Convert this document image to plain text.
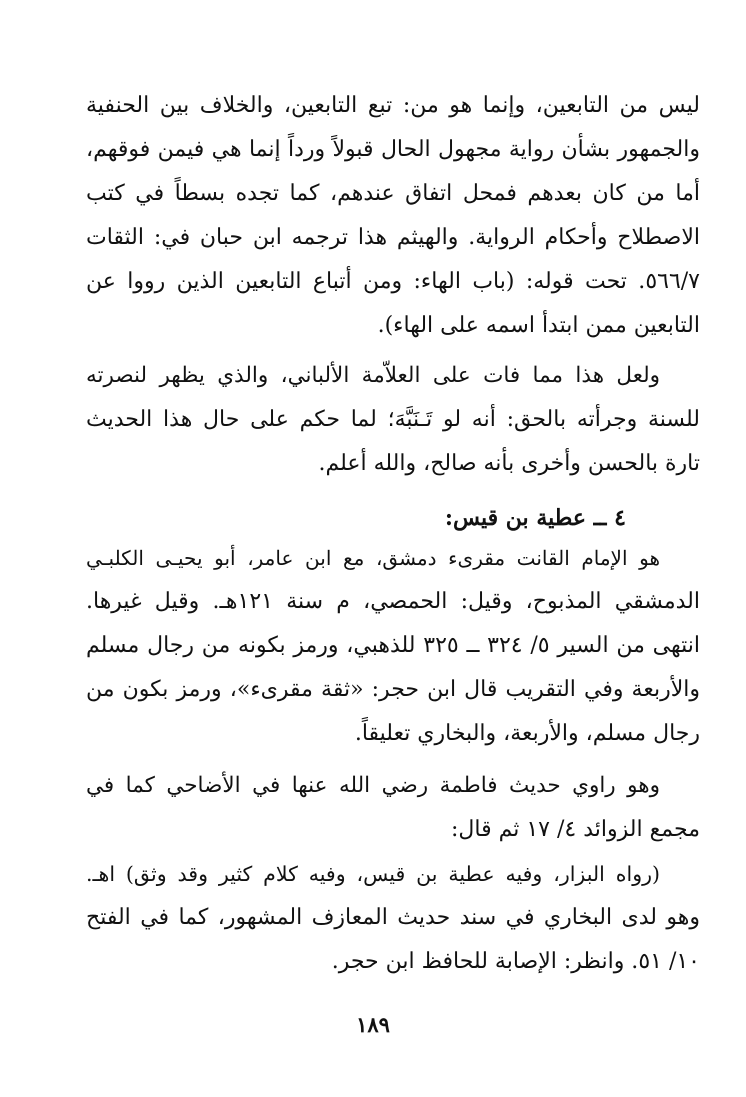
ليس من التابعين، وإنما هو من: تبع التابعين، والخلاف بين الحنفية
والجمهور بشأن رواية مجهول الحال قبولاً ورداً إنما هي فيمن فوقهم،
أما من كان بعدهم فمحل اتفاق عندهم، كما تجده بسطاً في كتب
الاصطلاح وأحكام الرواية. والهيثم هذا ترجمه ابن حبان في: الثقات
٥٦٦/٧. تحت قوله: (باب الهاء: ومن أتباع التابعين الذين رووا عن
التابعين ممن ابتدأ اسمه على الهاء).
ولعل هذا مما فات على العلاّمة الألباني، والذي يظهر لنصرته
للسنة وجرأته بالحق: أنه لو تَـنَبَّهَ؛ لما حكم على حال هذا الحديث
تارة بالحسن وأخرى بأنه صالح، والله أعلم.
٤ ــ عطية بن قيس:
هو الإمام القانت مقرىء دمشق، مع ابن عامر، أبو يحيـى الكلبـي
الدمشقي المذبوح، وقيل: الحمصي، م سنة ١٢١هـ. وقيل غيرها.
انتهى من السير ٥/ ٣٢٤ ــ ٣٢٥ للذهبي، ورمز بكونه من رجال مسلم
والأربعة وفي التقريب قال ابن حجر: «ثقة مقرىء»، ورمز بكون من
رجال مسلم، والأربعة، والبخاري تعليقاً.
وهو راوي حديث فاطمة رضي الله عنها في الأضاحي كما في
مجمع الزوائد ٤/ ١٧ ثم قال:
(رواه البزار، وفيه عطية بن قيس، وفيه كلام كثير وقد وثق) اهـ.
وهو لدى البخاري في سند حديث المعازف المشهور، كما في الفتح
١٠/ ٥١. وانظر: الإصابة للحافظ ابن حجر.
١٨٩
